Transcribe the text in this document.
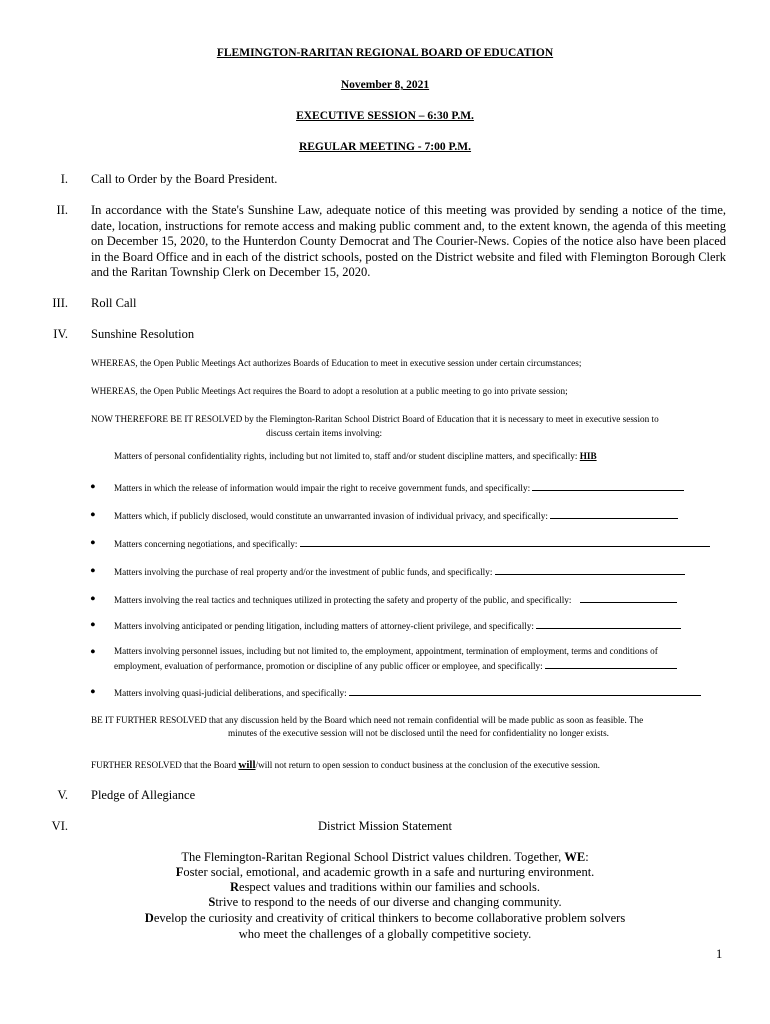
FLEMINGTON-RARITAN REGIONAL BOARD OF EDUCATION
November 8, 2021
EXECUTIVE SESSION – 6:30 P.M.
REGULAR MEETING - 7:00 P.M.
I. Call to Order by the Board President.
II. In accordance with the State's Sunshine Law, adequate notice of this meeting was provided by sending a notice of the time, date, location, instructions for remote access and making public comment and, to the extent known, the agenda of this meeting on December 15, 2020, to the Hunterdon County Democrat and The Courier-News. Copies of the notice also have been placed in the Board Office and in each of the district schools, posted on the District website and filed with Flemington Borough Clerk and the Raritan Township Clerk on December 15, 2020.
III. Roll Call
IV. Sunshine Resolution
WHEREAS, the Open Public Meetings Act authorizes Boards of Education to meet in executive session under certain circumstances;
WHEREAS, the Open Public Meetings Act requires the Board to adopt a resolution at a public meeting to go into private session;
NOW THEREFORE BE IT RESOLVED by the Flemington-Raritan School District Board of Education that it is necessary to meet in executive session to
discuss certain items involving:
Matters of personal confidentiality rights, including but not limited to, staff and/or student discipline matters, and specifically: HIB
● Matters in which the release of information would impair the right to receive government funds, and specifically:
● Matters which, if publicly disclosed, would constitute an unwarranted invasion of individual privacy, and specifically:
● Matters concerning negotiations, and specifically:
● Matters involving the purchase of real property and/or the investment of public funds, and specifically:
● Matters involving the real tactics and techniques utilized in protecting the safety and property of the public, and specifically:
● Matters involving anticipated or pending litigation, including matters of attorney-client privilege, and specifically:
● Matters involving personnel issues, including but not limited to, the employment, appointment, termination of employment, terms and conditions of
employment, evaluation of performance, promotion or discipline of any public officer or employee, and specifically:
● Matters involving quasi-judicial deliberations, and specifically:
BE IT FURTHER RESOLVED that any discussion held by the Board which need not remain confidential will be made public as soon as feasible. The
minutes of the executive session will not be disclosed until the need for confidentiality no longer exists.
FURTHER RESOLVED that the Board will/will not return to open session to conduct business at the conclusion of the executive session.
V. Pledge of Allegiance
VI.	District Mission Statement
The Flemington-Raritan Regional School District values children. Together, WE:
Foster social, emotional, and academic growth in a safe and nurturing environment.
Respect values and traditions within our families and schools.
Strive to respond to the needs of our diverse and changing community.
Develop the curiosity and creativity of critical thinkers to become collaborative problem solvers
who meet the challenges of a globally competitive society.
1
